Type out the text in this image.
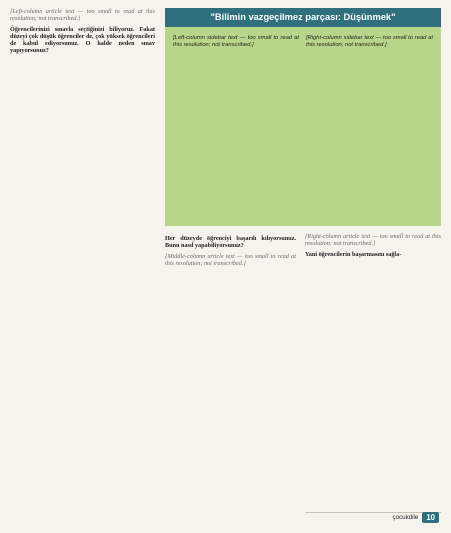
[Left-column article text — too small to read at this resolution; not transcribed.]

Öğrencilerinizi sınavla seçtiğinizi biliyoruz. Fakat düzeyi çok düşük öğrenciler de, çok yüksek öğrencileri de kabul ediyorsunuz. O halde neden sınav yapıyorsunuz?

"Bilimin vazgeçilmez parçası: Düşünmek"
[Left-column sidebar text — too small to read at this resolution; not transcribed.]
[Right-column sidebar text — too small to read at this resolution; not transcribed.]

Her düzeyde öğrenciyi başarılı kılıyorsunuz. Bunu nasıl yapabiliyorsunuz?

[Middle-column article text — too small to read at this resolution; not transcribed.]

[Right-column article text — too small to read at this resolution; not transcribed.]

Yani öğrencilerin başarmasını sağla-

çocukdile	10
